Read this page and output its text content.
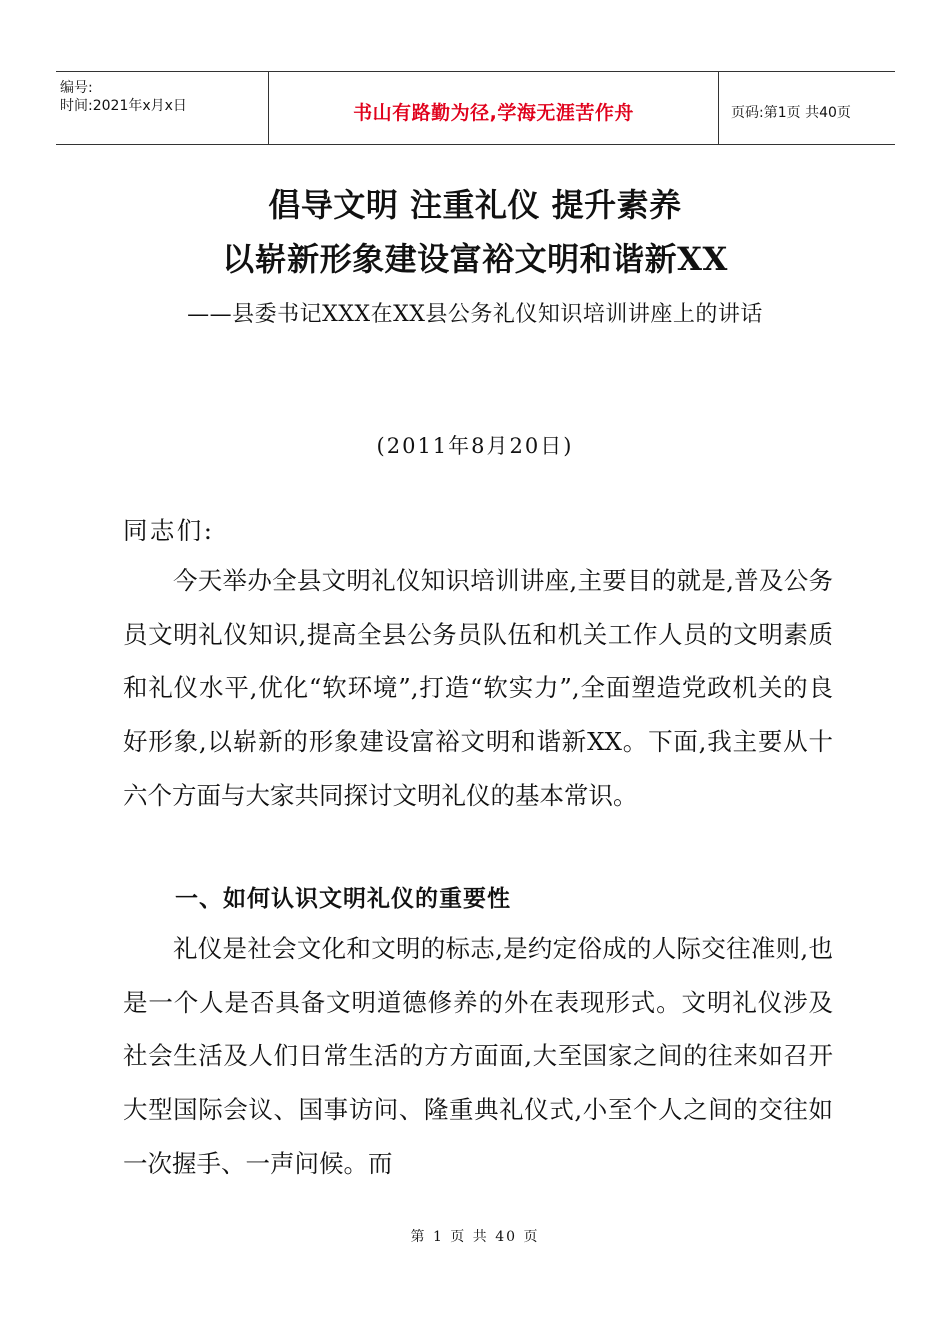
编号:
时间:2021年x月x日	书山有路勤为径,学海无涯苦作舟	页码:第1页 共40页
倡导文明 注重礼仪 提升素养
以崭新形象建设富裕文明和谐新XX
——县委书记XXX在XX县公务礼仪知识培训讲座上的讲话
(2011年8月20日)
同志们:
今天举办全县文明礼仪知识培训讲座,主要目的就是,普及公务员文明礼仪知识,提高全县公务员队伍和机关工作人员的文明素质和礼仪水平,优化“软环境”,打造“软实力”,全面塑造党政机关的良好形象,以崭新的形象建设富裕文明和谐新XX。下面,我主要从十六个方面与大家共同探讨文明礼仪的基本常识。
一、如何认识文明礼仪的重要性
礼仪是社会文化和文明的标志,是约定俗成的人际交往准则,也是一个人是否具备文明道德修养的外在表现形式。文明礼仪涉及社会生活及人们日常生活的方方面面,大至国家之间的往来如召开大型国际会议、国事访问、隆重典礼仪式,小至个人之间的交往如一次握手、一声问候。而
第 1 页 共 40 页
